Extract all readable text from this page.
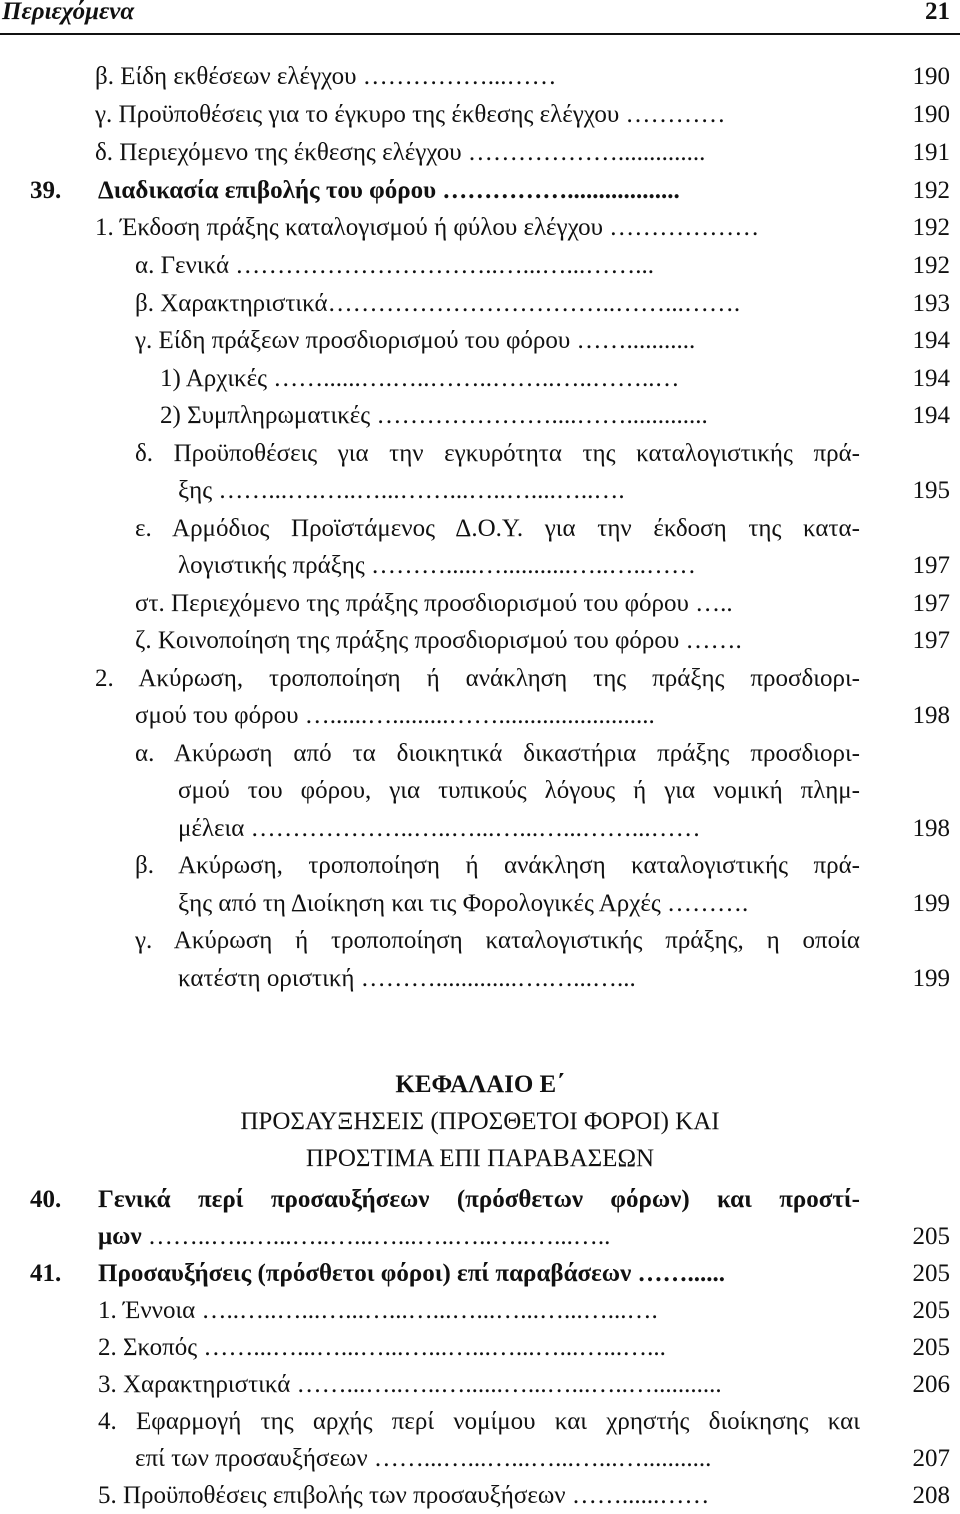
Περιεχόμενα	21
ΚΕΦΑΛΑΙΟ Ε΄
ΠΡΟΣΑΥΞΗΣΕΙΣ (ΠΡΟΣΘΕΤΟΙ ΦΟΡΟΙ) ΚΑΙ
ΠΡΟΣΤΙΜΑ ΕΠΙ ΠΑΡΑΒΑΣΕΩΝ
β. Είδη εκθέσεων ελέγχου ……………...……	190
γ. Προϋποθέσεις για το έγκυρο της έκθεσης ελέγχου …………	190
δ. Περιεχόμενο της έκθεσης ελέγχου ………………..............	191
39. Διαδικασία επιβολής του φόρου ……………..................	192
1. Έκδοση πράξης καταλογισμού ή φύλου ελέγχου ………………	192
α. Γενικά …………………………..…...…...……...	192
β. Χαρακτηριστικά……………………………..……...…….	193
γ. Είδη πράξεων προσδιορισμού του φόρου ……...........	194
1) Αρχικές ……......….…..……..……..…..……..…	194
2) Συμπληρωματικές …………………....…….............	194
δ. Προϋποθέσεις για την εγκυρότητα της καταλογιστικής πρά-
ξης ……...….…..…...……...…..…....…..….	195
ε. Αρμόδιος Προϊστάμενος Δ.Ο.Υ. για την έκδοση της κατα-
λογιστικής πράξης ……….....…...........…..…..……	197
στ. Περιεχόμενο της πράξης προσδιορισμού του φόρου …..	197
ζ. Κοινοποίηση της πράξης προσδιορισμού του φόρου …….	197
2. Ακύρωση, τροποποίηση ή ανάκληση της πράξης προσδιορι-
σμού του φόρου …......….........…….........................	198
α. Ακύρωση από τα διοικητικά δικαστήρια πράξης προσδιορι-
σμού του φόρου, για τυπικούς λόγους ή για νομική πλημ-
μέλεια ………………..…..…...…...…...……...……	198
β. Ακύρωση, τροποποίηση ή ανάκληση καταλογιστικής πρά-
ξης από τη Διοίκηση και τις Φορολογικές Αρχές ……….	199
γ. Ακύρωση ή τροποποίηση καταλογιστικής πράξης, η οποία
κατέστη οριστική ……….............….…...…...	199
40. Γενικά περί προσαυξήσεων (πρόσθετων φόρων) και προστί-
μων ……..…..…...…..…...…...…..…..…..…...…..	205
41. Προσαυξήσεις (πρόσθετοι φόροι) επί παραβάσεων ……......	205
1. Έννοια …..…..…...…...…...…...…...…...…...…...….	205
2. Σκοπός ……...…...…...…...…...…...…...…...…...…...	205
3. Χαρακτηριστικά ……...…..…..…......…...…...…..…...........	206
4. Εφαρμογή της αρχής περί νομίμου και χρηστής διοίκησης και
επί των προσαυξήσεων ……...…...…...…...…...…...........	207
5. Προϋποθέσεις επιβολής των προσαυξήσεων ……......……	208
